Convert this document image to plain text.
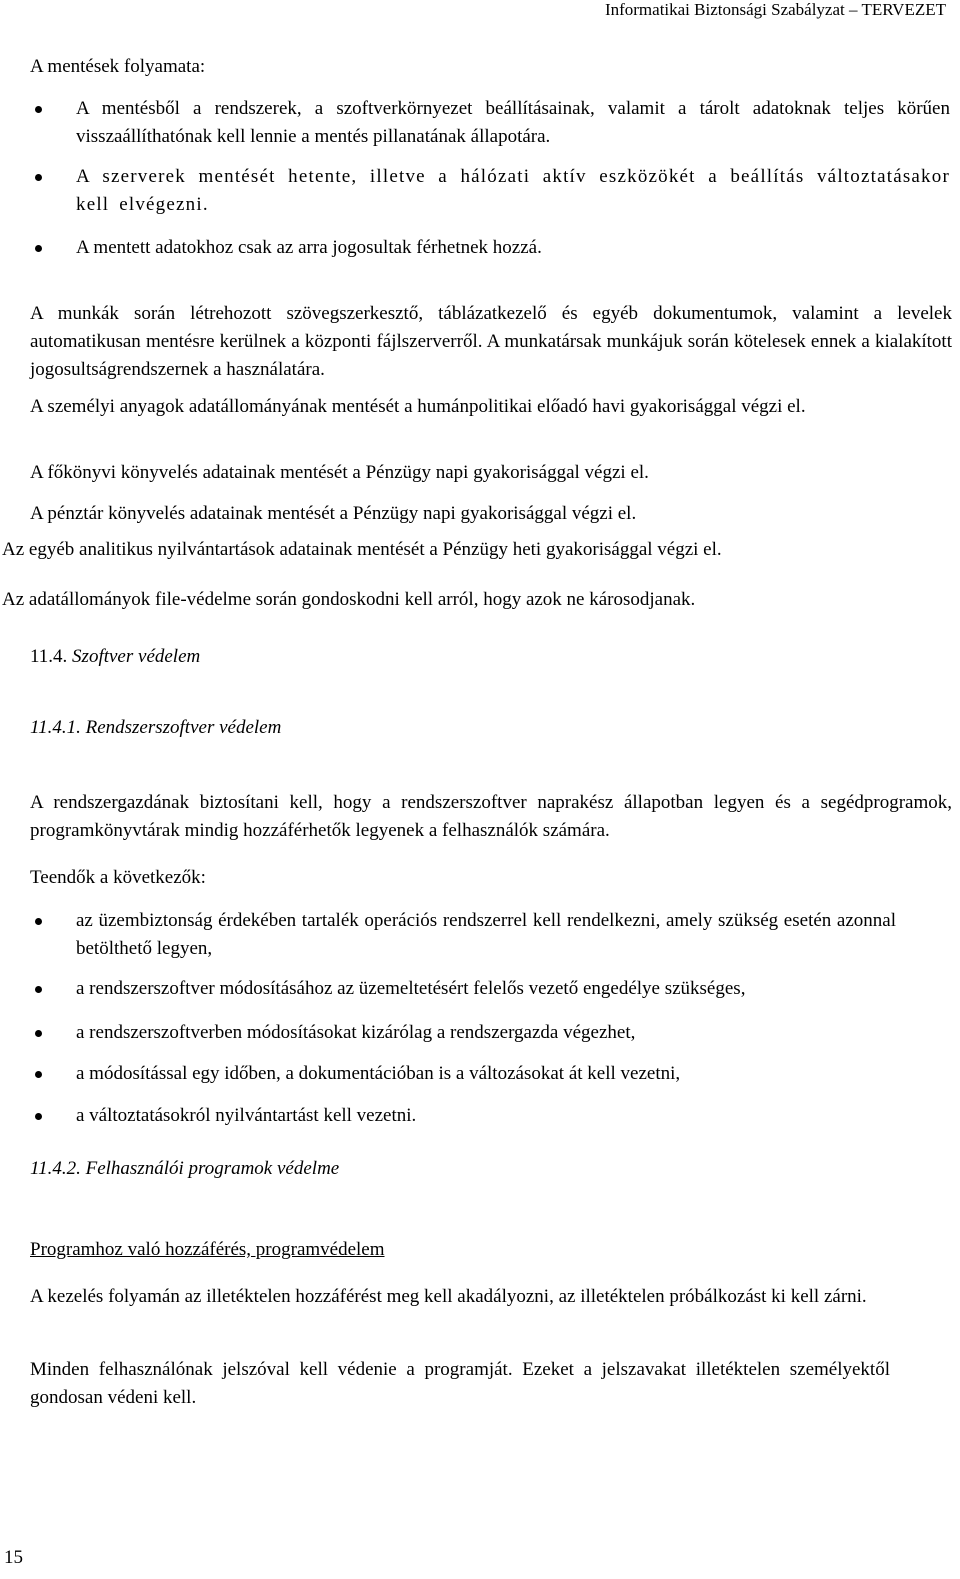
Informatikai Biztonsági Szabályzat – TERVEZET
A mentések folyamata:
A mentésből a rendszerek, a szoftverkörnyezet beállításainak, valamit a tárolt adatoknak teljes körűen visszaállíthatónak kell lennie a mentés pillanatának állapotára.
A szerverek mentését hetente, illetve a hálózati aktív eszközökét a beállítás változtatásakor kell elvégezni.
A mentett adatokhoz csak az arra jogosultak férhetnek hozzá.
A munkák során létrehozott szövegszerkesztő, táblázatkezelő és egyéb dokumentumok, valamint a levelek automatikusan mentésre kerülnek a központi fájlszerverről. A munkatársak munkájuk során kötelesek ennek a kialakított jogosultságrendszernek a használatára.
A személyi anyagok adatállományának mentését a humánpolitikai előadó havi gyakorisággal végzi el.
A főkönyvi könyvelés adatainak mentését a Pénzügy napi gyakorisággal végzi el.
A pénztár könyvelés adatainak mentését a Pénzügy napi gyakorisággal végzi el.
Az egyéb analitikus nyilvántartások adatainak mentését a Pénzügy heti gyakorisággal végzi el.
Az adatállományok file-védelme során gondoskodni kell arról, hogy azok ne károsodjanak.
11.4. Szoftver védelem
11.4.1. Rendszerszoftver védelem
A rendszergazdának biztosítani kell, hogy a rendszerszoftver naprakész állapotban legyen és a segédprogramok, programkönyvtárak mindig hozzáférhetők legyenek a felhasználók számára.
Teendők a következők:
az üzembiztonság érdekében tartalék operációs rendszerrel kell rendelkezni, amely szükség esetén azonnal betölthető legyen,
a rendszerszoftver módosításához az üzemeltetésért felelős vezető engedélye szükséges,
a rendszerszoftverben módosításokat kizárólag a rendszergazda végezhet,
a módosítással egy időben, a dokumentációban is a változásokat át kell vezetni,
a változtatásokról nyilvántartást kell vezetni.
11.4.2. Felhasználói programok védelme
Programhoz való hozzáférés, programvédelem
A kezelés folyamán az illetéktelen hozzáférést meg kell akadályozni, az illetéktelen próbálkozást ki kell zárni.
Minden felhasználónak jelszóval kell védenie a programját. Ezeket a jelszavakat illetéktelen személyektől gondosan védeni kell.
15
